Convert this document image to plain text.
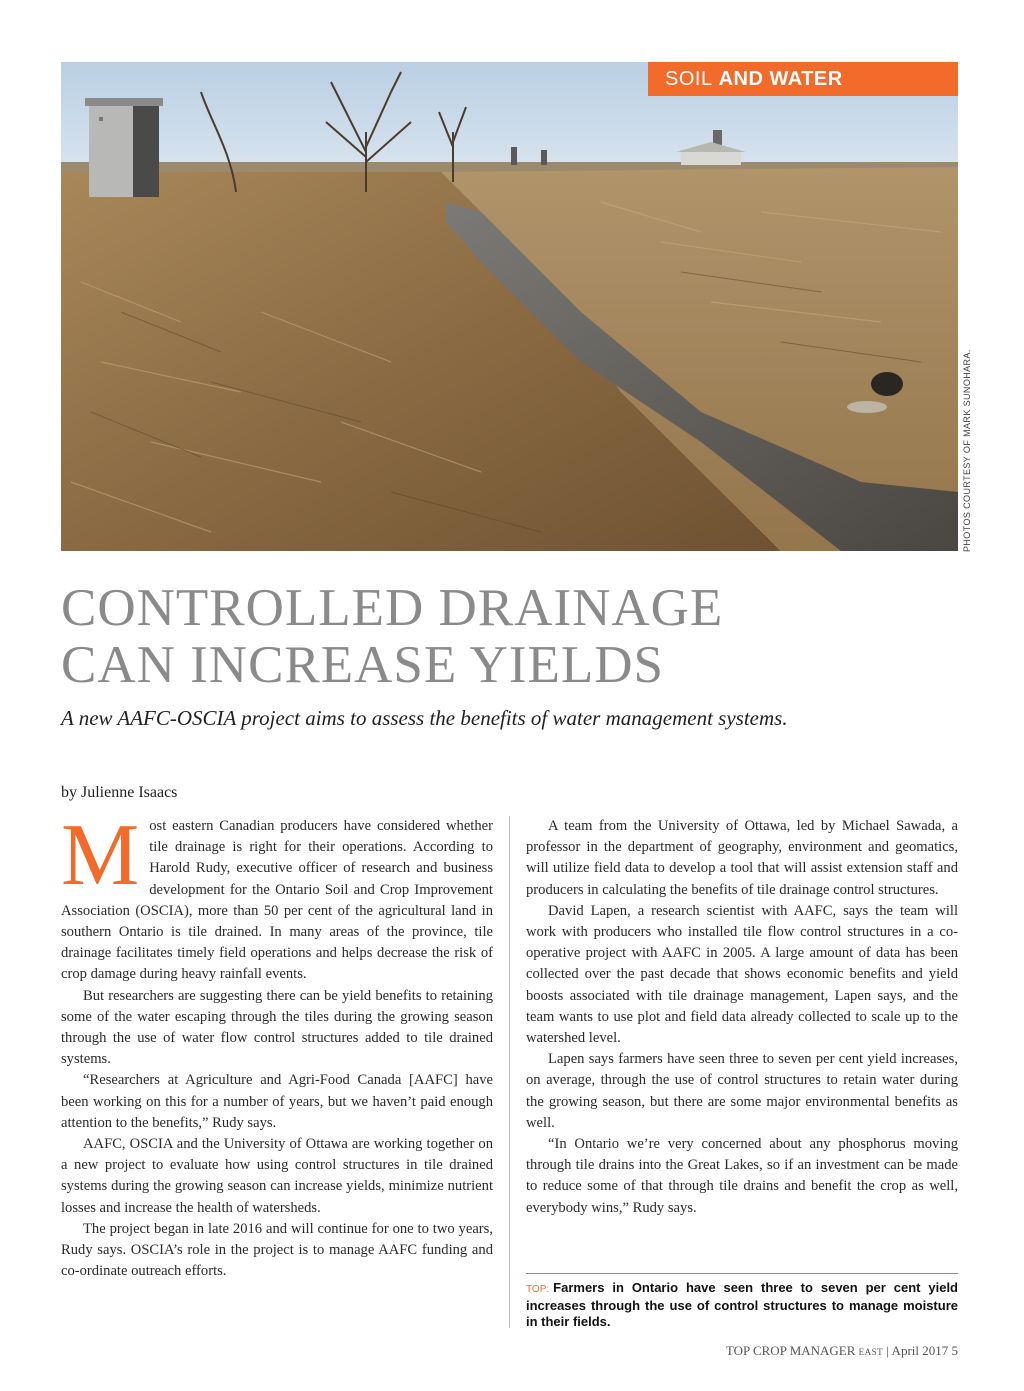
SOIL AND WATER
PHOTOS COURTESY OF MARK SUNOHARA.
CONTROLLED DRAINAGE
CAN INCREASE YIELDS
A new AAFC-OSCIA project aims to assess the benefits of water management systems.
by Julienne Isaacs

Most eastern Canadian producers have considered whether tile drainage is right for their operations. According to Harold Rudy, executive officer of research and business development for the Ontario Soil and Crop Improvement Association (OSCIA), more than 50 per cent of the agricultural land in southern Ontario is tile drained. In many areas of the province, tile drainage facilitates timely field operations and helps decrease the risk of crop damage during heavy rainfall events.

But researchers are suggesting there can be yield benefits to retaining some of the water escaping through the tiles during the growing season through the use of water flow control structures added to tile drained systems.

“Researchers at Agriculture and Agri-Food Canada [AAFC] have been working on this for a number of years, but we haven’t paid enough attention to the benefits,” Rudy says.

AAFC, OSCIA and the University of Ottawa are working together on a new project to evaluate how using control structures in tile drained systems during the growing season can increase yields, minimize nutrient losses and increase the health of watersheds.

The project began in late 2016 and will continue for one to two years, Rudy says. OSCIA’s role in the project is to manage AAFC funding and co-ordinate outreach efforts.

A team from the University of Ottawa, led by Michael Sawada, a professor in the department of geography, environment and geomatics, will utilize field data to develop a tool that will assist extension staff and producers in calculating the benefits of tile drainage control structures.

David Lapen, a research scientist with AAFC, says the team will work with producers who installed tile flow control structures in a co-operative project with AAFC in 2005. A large amount of data has been collected over the past decade that shows economic benefits and yield boosts associated with tile drainage management, Lapen says, and the team wants to use plot and field data already collected to scale up to the watershed level.

Lapen says farmers have seen three to seven per cent yield increases, on average, through the use of control structures to retain water during the growing season, but there are some major environmental benefits as well.

“In Ontario we’re very concerned about any phosphorus moving through tile drains into the Great Lakes, so if an investment can be made to reduce some of that through tile drains and benefit the crop as well, everybody wins,” Rudy says.

TOP: Farmers in Ontario have seen three to seven per cent yield increases through the use of control structures to manage moisture in their fields.
TOP CROP MANAGER EAST | April 2017 5
